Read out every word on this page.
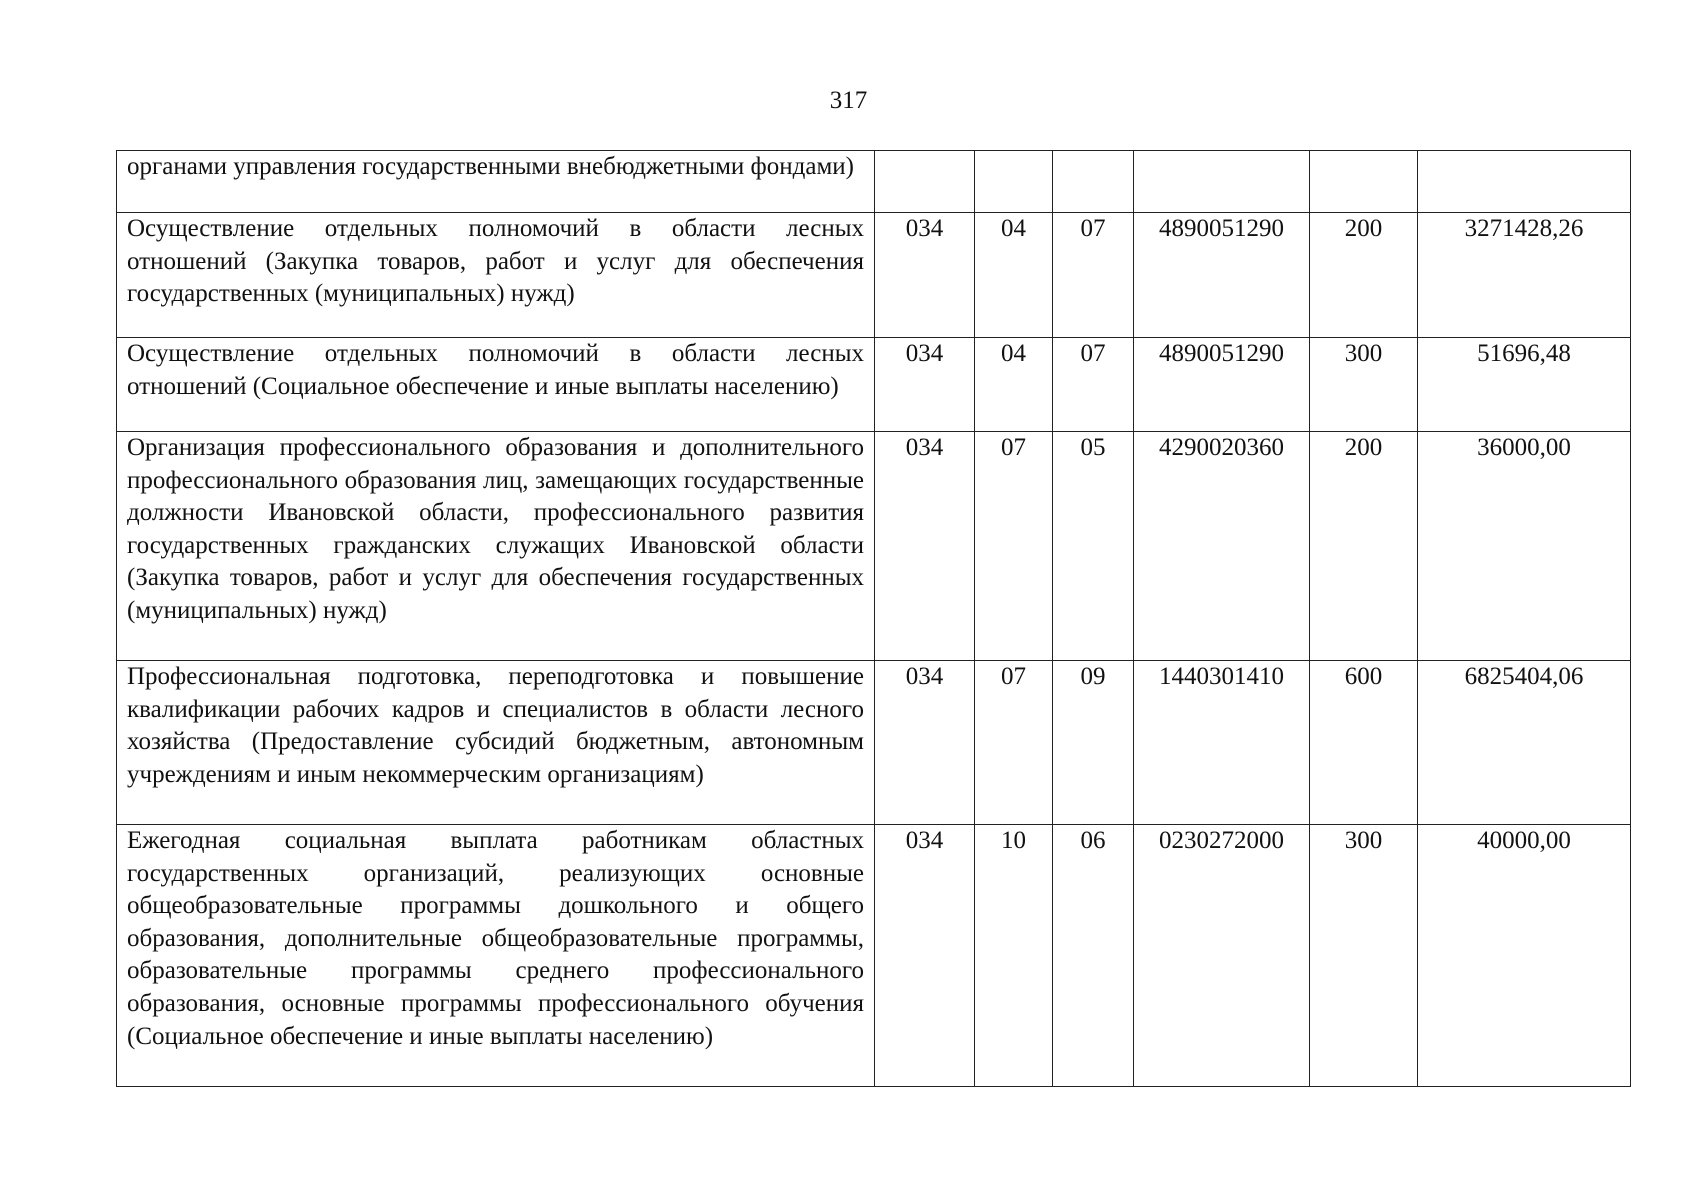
317
органами управления государственными внебюджетными фондами)						
Осуществление отдельных полномочий в области лесных отношений (Закупка товаров, работ и услуг для обеспечения государственных (муниципальных) нужд)	034	04	07	4890051290	200	3271428,26
Осуществление отдельных полномочий в области лесных отношений (Социальное обеспечение и иные выплаты населению)	034	04	07	4890051290	300	51696,48
Организация профессионального образования и дополнительного профессионального образования лиц, замещающих государственные должности Ивановской области, профессионального развития государственных гражданских служащих Ивановской области (Закупка товаров, работ и услуг для обеспечения государственных (муниципальных) нужд)	034	07	05	4290020360	200	36000,00
Профессиональная подготовка, переподготовка и повышение квалификации рабочих кадров и специалистов в области лесного хозяйства (Предоставление субсидий бюджетным, автономным учреждениям и иным некоммерческим организациям)	034	07	09	1440301410	600	6825404,06
Ежегодная социальная выплата работникам областных государственных организаций, реализующих основные общеобразовательные программы дошкольного и общего образования, дополнительные общеобразовательные программы, образовательные программы среднего профессионального образования, основные программы профессионального обучения (Социальное обеспечение и иные выплаты населению)	034	10	06	0230272000	300	40000,00
